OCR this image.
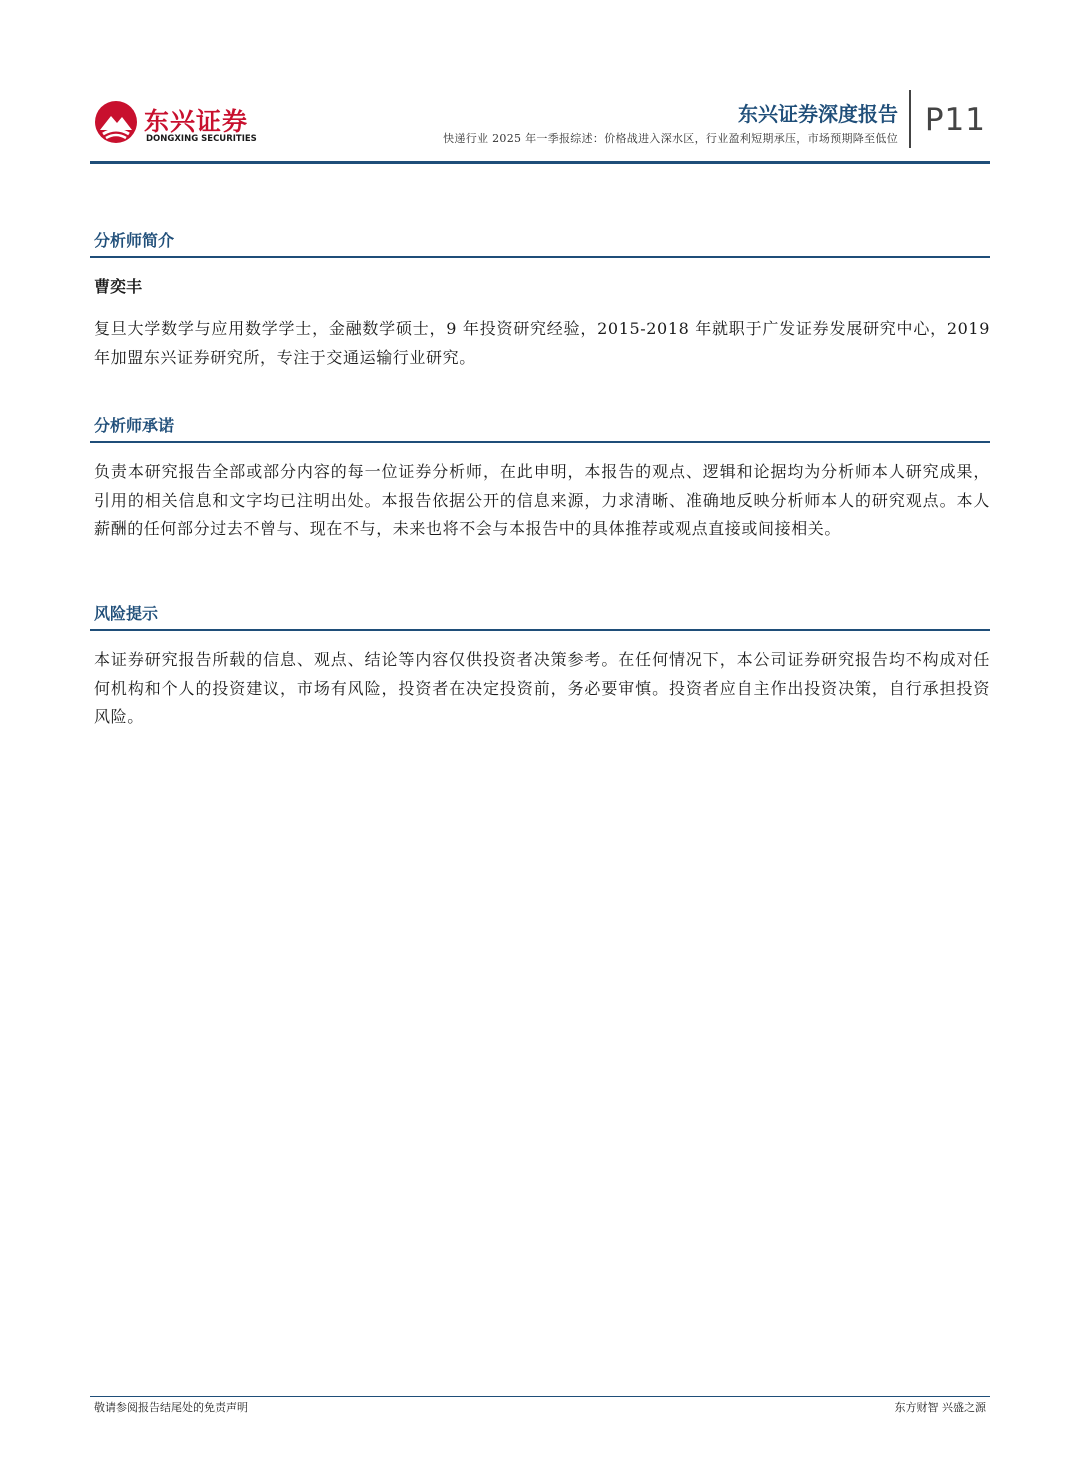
东兴证券
DONGXING SECURITIES
东兴证券深度报告
快递行业 2025 年一季报综述：价格战进入深水区，行业盈利短期承压，市场预期降至低位
P11
分析师简介
曹奕丰
复旦大学数学与应用数学学士，金融数学硕士，9 年投资研究经验，2015-2018 年就职于广发证券发展研究中心，2019 年加盟东兴证券研究所，专注于交通运输行业研究。
分析师承诺
负责本研究报告全部或部分内容的每一位证券分析师，在此申明，本报告的观点、逻辑和论据均为分析师本人研究成果，引用的相关信息和文字均已注明出处。本报告依据公开的信息来源，力求清晰、准确地反映分析师本人的研究观点。本人薪酬的任何部分过去不曾与、现在不与，未来也将不会与本报告中的具体推荐或观点直接或间接相关。
风险提示
本证券研究报告所载的信息、观点、结论等内容仅供投资者决策参考。在任何情况下，本公司证券研究报告均不构成对任何机构和个人的投资建议，市场有风险，投资者在决定投资前，务必要审慎。投资者应自主作出投资决策，自行承担投资风险。
敬请参阅报告结尾处的免责声明	东方财智 兴盛之源
